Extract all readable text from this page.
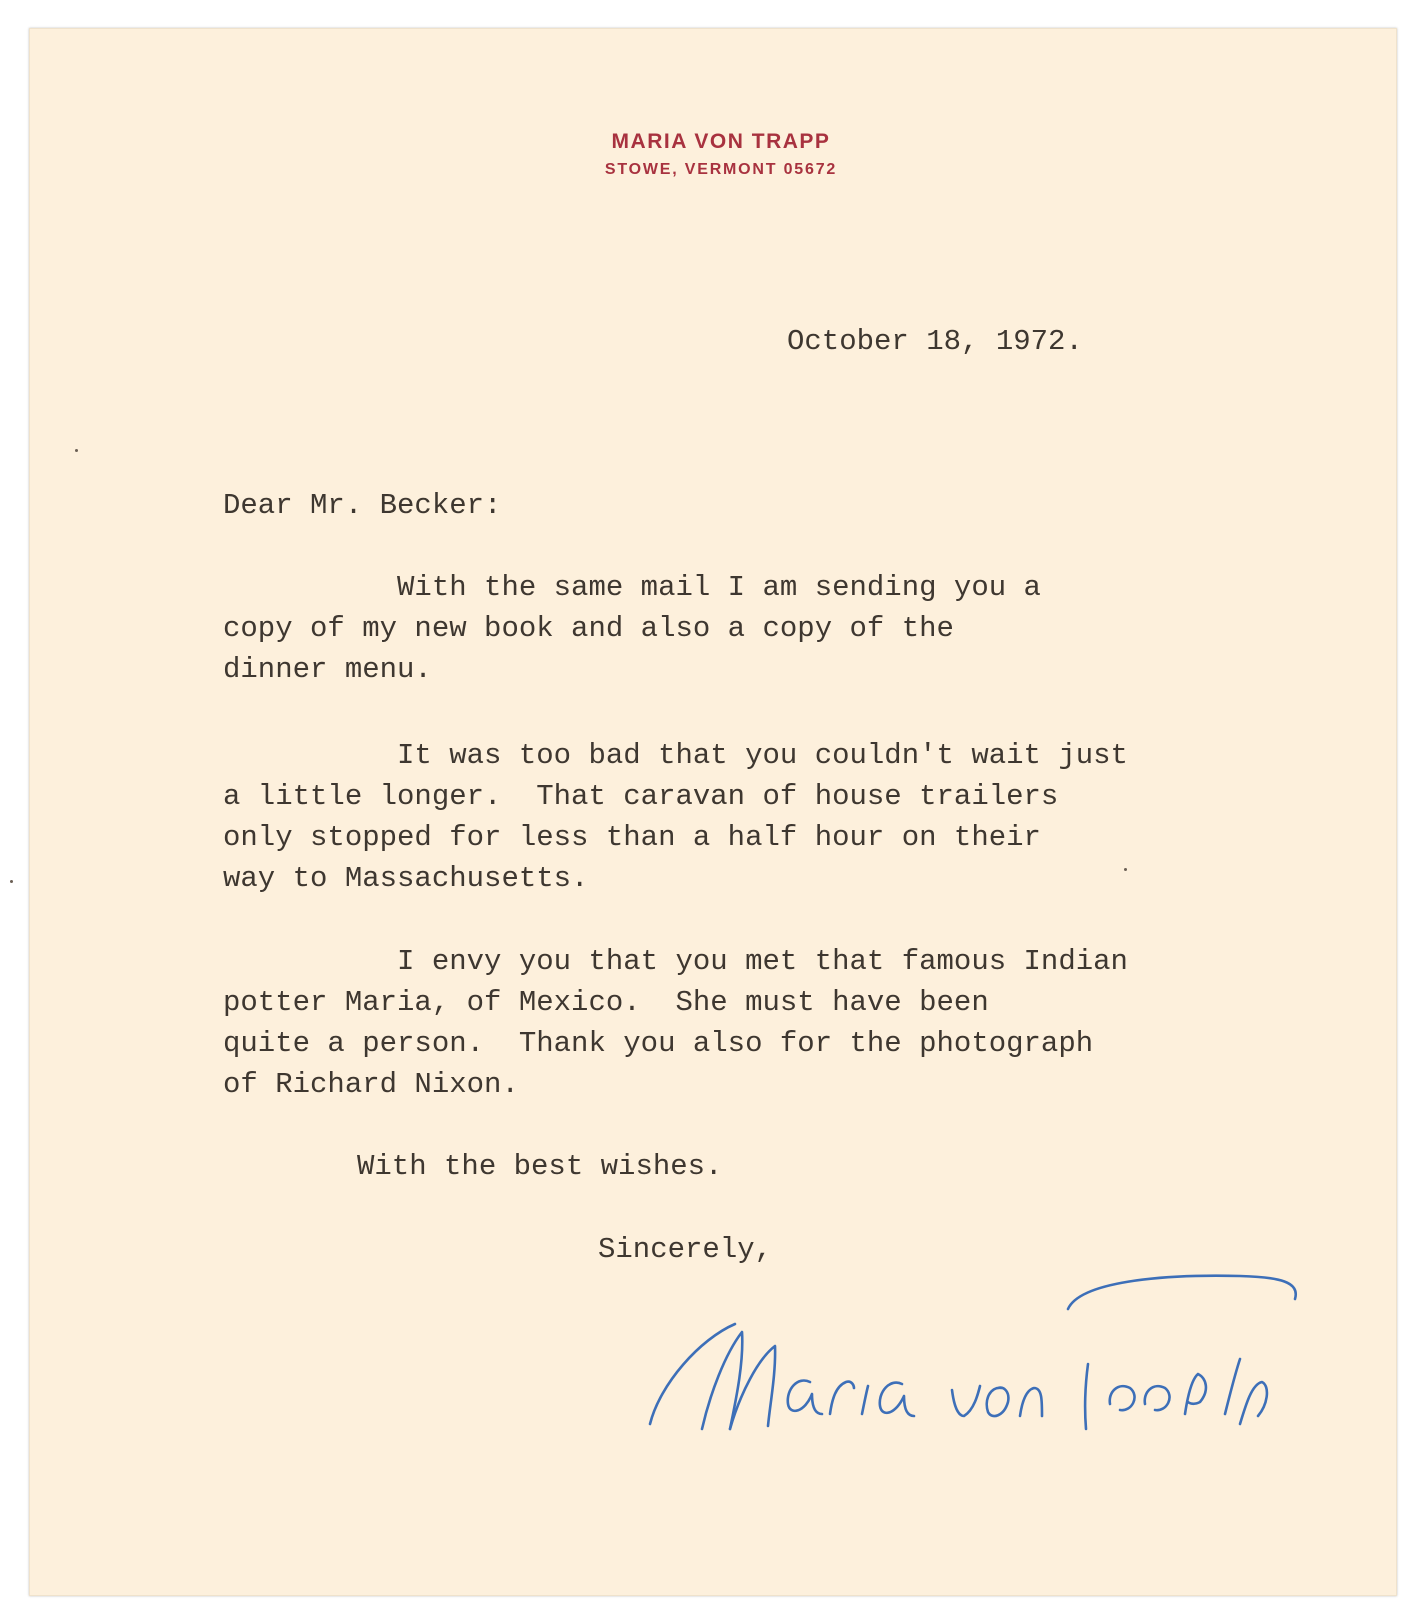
MARIA VON TRAPP
STOWE, VERMONT 05672
October 18, 1972.
Dear Mr. Becker:
With the same mail I am sending you a
copy of my new book and also a copy of the
dinner menu.
It was too bad that you couldn't wait just
a little longer.  That caravan of house trailers
only stopped for less than a half hour on their
way to Massachusetts.
I envy you that you met that famous Indian
potter Maria, of Mexico.  She must have been
quite a person.  Thank you also for the photograph
of Richard Nixon.
With the best wishes.
Sincerely,
